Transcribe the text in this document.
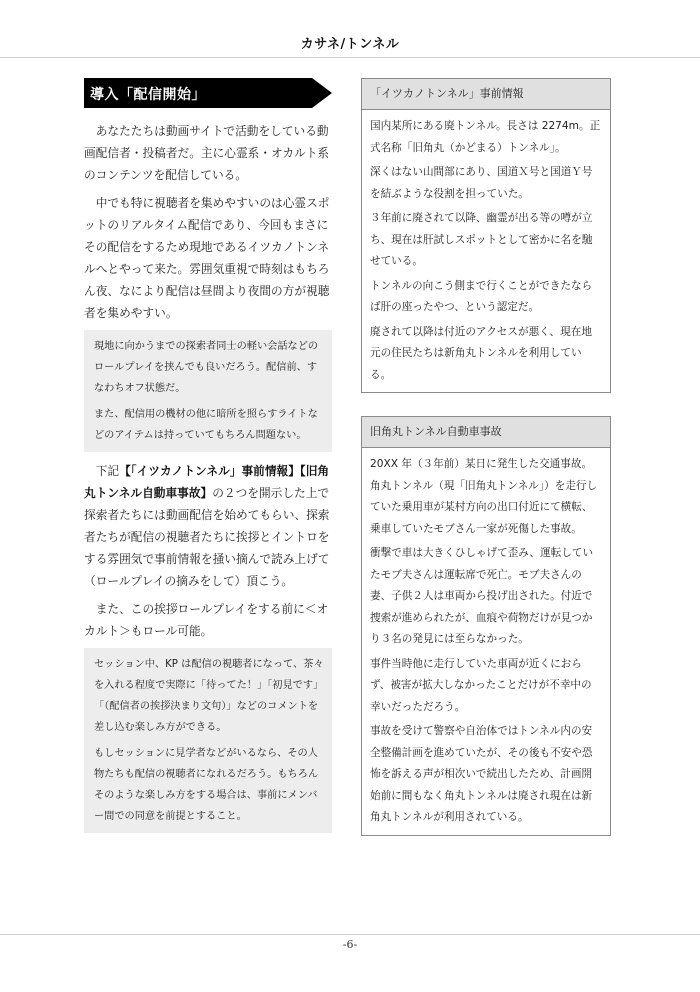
カサネ/トンネル
導入「配信開始」

あなたたちは動画サイトで活動をしている動画配信者・投稿者だ。主に心霊系・オカルト系のコンテンツを配信している。

中でも特に視聴者を集めやすいのは心霊スポットのリアルタイム配信であり、今回もまさにその配信をするため現地であるイツカノトンネルへとやって来た。雰囲気重視で時刻はもちろん夜、なにより配信は昼間より夜間の方が視聴者を集めやすい。

現地に向かうまでの探索者同士の軽い会話などのロールプレイを挟んでも良いだろう。配信前、すなわちオフ状態だ。

また、配信用の機材の他に暗所を照らすライトなどのアイテムは持っていてもちろん問題ない。

下記【「イツカノトンネル」事前情報】【旧角丸トンネル自動車事故】の２つを開示した上で探索者たちには動画配信を始めてもらい、探索者たちが配信の視聴者たちに挨拶とイントロをする雰囲気で事前情報を掻い摘んで読み上げて（ロールプレイの摘みをして）頂こう。

また、この挨拶ロールプレイをする前に＜オカルト＞もロール可能。

セッション中、KP は配信の視聴者になって、茶々を入れる程度で実際に「待ってた！」「初見です」「（配信者の挨拶決まり文句）」などのコメントを差し込む楽しみ方ができる。

もしセッションに見学者などがいるなら、その人物たちも配信の視聴者になれるだろう。もちろんそのような楽しみ方をする場合は、事前にメンバー間での同意を前提とすること。

「イツカノトンネル」事前情報

国内某所にある廃トンネル。長さは 2274m。正式名称「旧角丸（かどまる）トンネル」。

深くはない山間部にあり、国道Ｘ号と国道Ｙ号を結ぶような役割を担っていた。

３年前に廃されて以降、幽霊が出る等の噂が立ち、現在は肝試しスポットとして密かに名を馳せている。

トンネルの向こう側まで行くことができたならば肝の座ったやつ、という認定だ。

廃されて以降は付近のアクセスが悪く、現在地元の住民たちは新角丸トンネルを利用している。

旧角丸トンネル自動車事故

20XX 年（３年前）某日に発生した交通事故。角丸トンネル（現「旧角丸トンネル」）を走行していた乗用車が某村方向の出口付近にて横転、乗車していたモブさん一家が死傷した事故。

衝撃で車は大きくひしゃげて歪み、運転していたモブ夫さんは運転席で死亡。モブ夫さんの妻、子供２人は車両から投げ出された。付近で捜索が進められたが、血痕や荷物だけが見つかり３名の発見には至らなかった。

事件当時他に走行していた車両が近くにおらず、被害が拡大しなかったことだけが不幸中の幸いだっただろう。

事故を受けて警察や自治体ではトンネル内の安全整備計画を進めていたが、その後も不安や恐怖を訴える声が相次いで続出したため、計画開始前に間もなく角丸トンネルは廃され現在は新角丸トンネルが利用されている。

-6-
